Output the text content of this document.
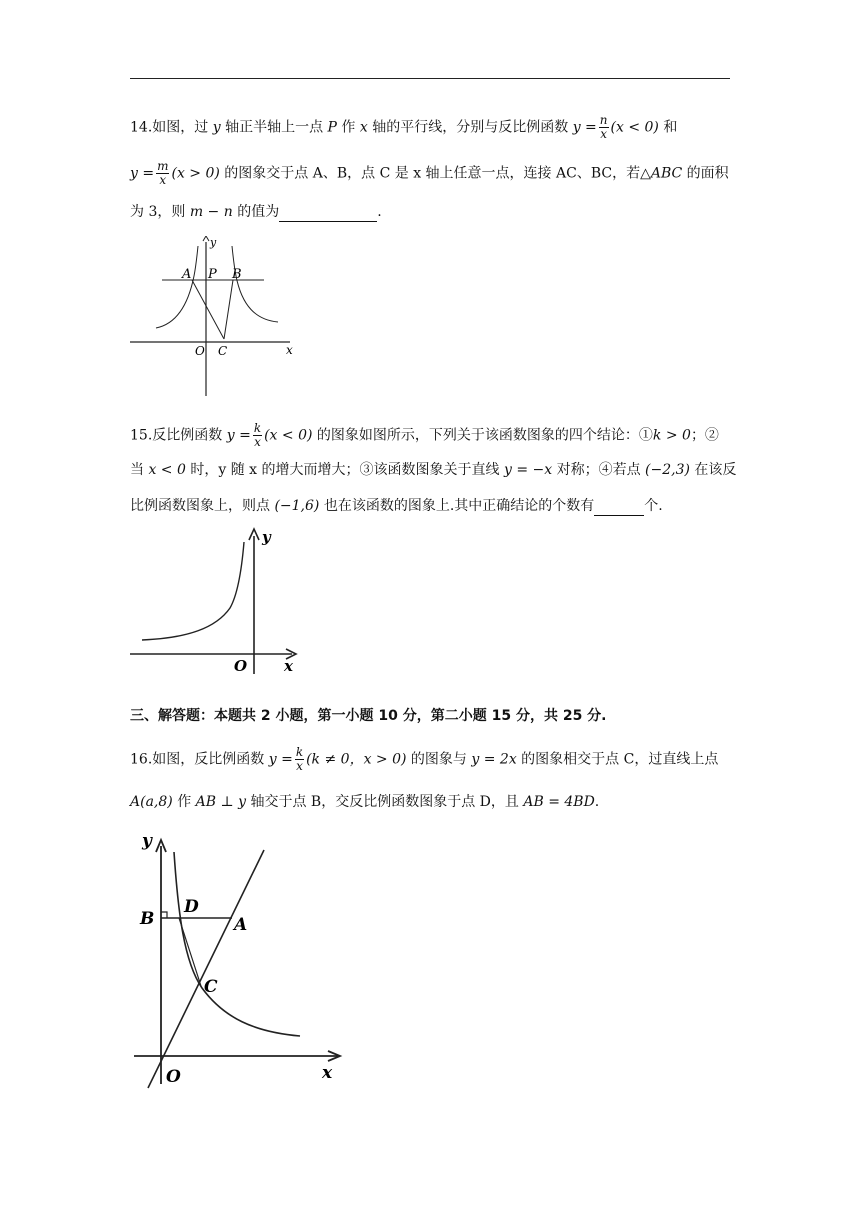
14.如图，过 y 轴正半轴上一点 P 作 x 轴的平行线，分别与反比例函数 $y = \frac{n}{x} (x < 0)$ 和
$y = \frac{m}{x} (x > 0)$ 的图象交于点 A、B，点 C 是 x 轴上任意一点，连接 AC、BC，若△ABC 的面积
为 3，则 m − n 的值为	.
A P B
O C	x
y
15.反比例函数 $y = \frac{k}{x} (x < 0)$ 的图象如图所示，下列关于该函数图象的四个结论：①k > 0；②
当 x < 0 时，y 随 x 的增大而增大；③该函数图象关于直线 y = −x 对称；④若点 (−2,3) 在该反
比例函数图象上，则点 (−1,6) 也在该函数的图象上.其中正确结论的个数有	个.
O x
y
三、解答题：本题共 2 小题，第一小题 10 分，第二小题 15 分，共 25 分.
16.如图，反比例函数 $y = \frac{k}{x} (k \ne 0$，x > 0) 的图象与 y = 2x 的图象相交于点 C，过直线上点
A(a,8) 作 AB ⊥ y 轴交于点 B，交反比例函数图象于点 D，且 AB = 4BD.
y
x
O
B
D
A
C
